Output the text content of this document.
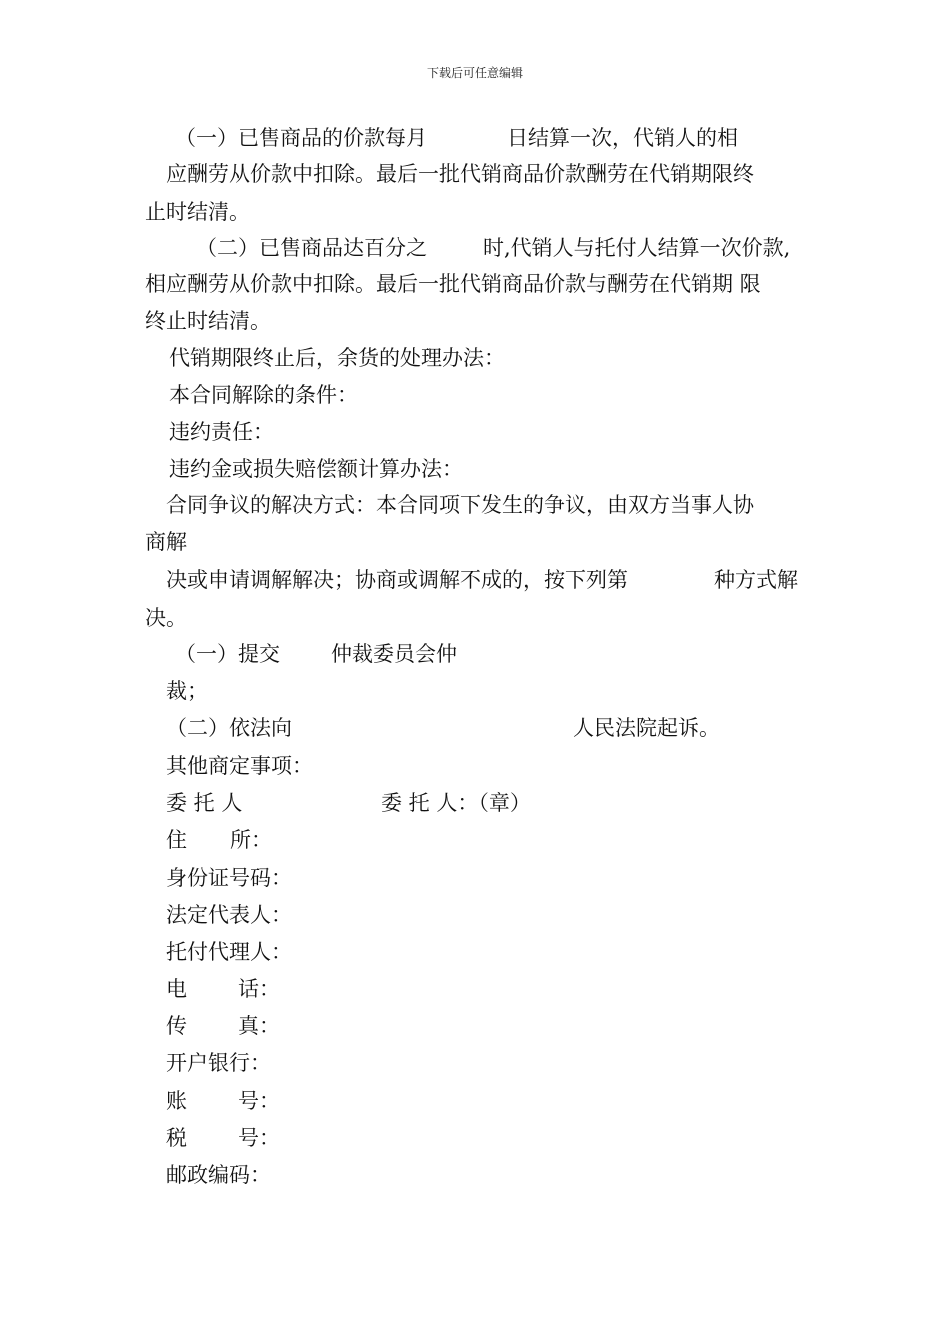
下载后可任意编辑
（一）已售商品的价款每月	日结算一次，代销人的相
应酬劳从价款中扣除。最后一批代销商品价款酬劳在代销期限终
止时结清。
（二）已售商品达百分之	时,代销人与托付人结算一次价款,
相应酬劳从价款中扣除。最后一批代销商品价款与酬劳在代销期 限
终止时结清。
代销期限终止后，余货的处理办法：
本合同解除的条件：
违约责任：
违约金或损失赔偿额计算办法：
合同争议的解决方式：本合同项下发生的争议，由双方当事人协
商解
决或申请调解解决；协商或调解不成的，按下列第	种方式解
决。
（一）提交 仲裁委员会仲
裁；
（二）依法向	人民法院起诉。
其他商定事项：
委 托 人	委 托 人：（章）
住 所：
身份证号码：
法定代表人：
托付代理人：
电 话：
传 真：
开户银行：
账 号：
税 号：
邮政编码：
